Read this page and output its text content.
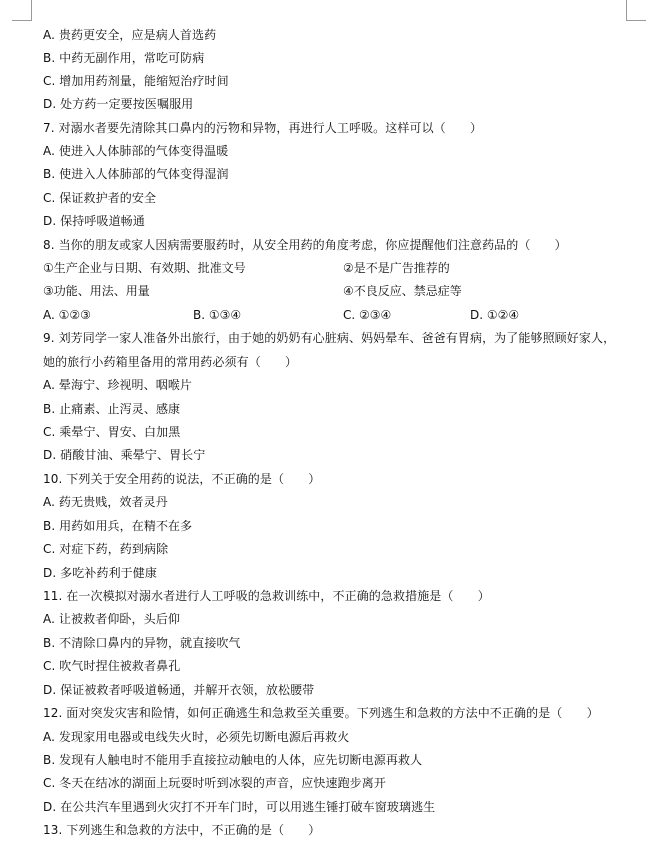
A. 贵药更安全，应是病人首选药
B. 中药无副作用，常吃可防病
C. 增加用药剂量，能缩短治疗时间
D. 处方药一定要按医嘱服用
7. 对溺水者要先清除其口鼻内的污物和异物，再进行人工呼吸。这样可以（　　）
A. 使进入人体肺部的气体变得温暖
B. 使进入人体肺部的气体变得湿润
C. 保证救护者的安全
D. 保持呼吸道畅通
8. 当你的朋友或家人因病需要服药时，从安全用药的角度考虑，你应提醒他们注意药品的（　　）
①生产企业与日期、有效期、批准文号	②是不是广告推荐的
③功能、用法、用量	④不良反应、禁忌症等
A. ①②③	B. ①③④	C. ②③④	D. ①②④
9. 刘芳同学一家人准备外出旅行，由于她的奶奶有心脏病、妈妈晕车、爸爸有胃病，为了能够照顾好家人，
她的旅行小药箱里备用的常用药必须有（　　）
A. 晕海宁、珍视明、咽喉片
B. 止痛素、止泻灵、感康
C. 乘晕宁、胃安、白加黑
D. 硝酸甘油、乘晕宁、胃长宁
10. 下列关于安全用药的说法，不正确的是（　　）
A. 药无贵贱，效者灵丹
B. 用药如用兵，在精不在多
C. 对症下药，药到病除
D. 多吃补药利于健康
11. 在一次模拟对溺水者进行人工呼吸的急救训练中，不正确的急救措施是（　　）
A. 让被救者仰卧，头后仰
B. 不清除口鼻内的异物，就直接吹气
C. 吹气时捏住被救者鼻孔
D. 保证被救者呼吸道畅通，并解开衣领，放松腰带
12. 面对突发灾害和险情，如何正确逃生和急救至关重要。下列逃生和急救的方法中不正确的是（　　）
A. 发现家用电器或电线失火时，必须先切断电源后再救火
B. 发现有人触电时不能用手直接拉动触电的人体，应先切断电源再救人
C. 冬天在结冰的湖面上玩耍时听到冰裂的声音，应快速跑步离开
D. 在公共汽车里遇到火灾打不开车门时，可以用逃生锤打破车窗玻璃逃生
13. 下列逃生和急救的方法中，不正确的是（　　）
